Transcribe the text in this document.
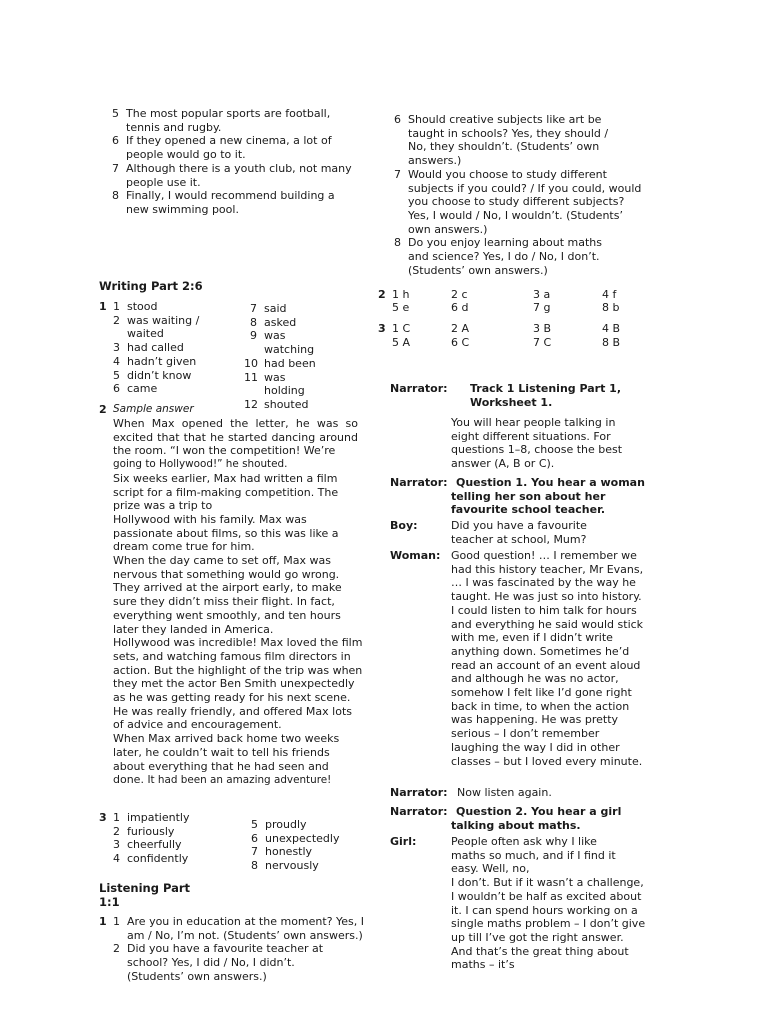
5 The most popular sports are football, tennis and rugby.
6 If they opened a new cinema, a lot of people would go to it.
7 Although there is a youth club, not many people use it.
8 Finally, I would recommend building a new swimming pool.
Writing Part 2:6
1 1 stood
2 was waiting / waited
3 had called
4 hadn’t given
5 didn’t know
6 came
7 said
8 asked
9 was watching
10 had been
11 was holding
12 shouted
2 Sample answer
When Max opened the letter, he was so excited that that he started dancing around the room. “I won the competition! We’re
going to Hollywood!” he shouted.
Six weeks earlier, Max had written a film script for a film-making competition. The prize was a trip to
Hollywood with his family. Max was passionate about films, so this was like a dream come true for him.
When the day came to set off, Max was nervous that something would go wrong. They arrived at the airport early, to make sure they didn’t miss their flight. In fact, everything went smoothly, and ten hours later they landed in America.
Hollywood was incredible! Max loved the film sets, and watching famous film directors in action. But the highlight of the trip was when they met the actor Ben Smith unexpectedly as he was getting ready for his next scene. He was really friendly, and offered Max lots of advice and encouragement.
When Max arrived back home two weeks later, he couldn’t wait to tell his friends about everything that he had seen and done. It had been an amazing adventure!
3 1 impatiently
2 furiously
3 cheerfully
4 confidently
5 proudly
6 unexpectedly
7 honestly
8 nervously
Listening Part 1:1
1 1 Are you in education at the moment? Yes, I am / No, I’m not. (Students’ own answers.)
2 Did you have a favourite teacher at school? Yes, I did / No, I didn’t. (Students’ own answers.)
6 Should creative subjects like art be taught in schools? Yes, they should / No, they shouldn’t. (Students’ own answers.)
7 Would you choose to study different subjects if you could? / If you could, would you choose to study different subjects? Yes, I would / No, I wouldn’t. (Students’ own answers.)
8 Do you enjoy learning about maths and science? Yes, I do / No, I don’t. (Students’ own answers.)
2 1 h	2 c	3 a	4 f
5 e	6 d	7 g	8 b
3 1 C	2 A	3 B	4 B
5 A	6 C	7 C	8 B
Narrator: Track 1 Listening Part 1, Worksheet 1.
You will hear people talking in eight different situations. For questions 1–8, choose the best answer (A, B or C).
Narrator: Question 1. You hear a woman telling her son about her favourite school teacher.
Boy:	Did you have a favourite teacher at school, Mum?
Woman: Good question! … I remember we had this history teacher, Mr Evans, … I was fascinated by the way he taught. He was just so into history. I could listen to him talk for hours and everything he said would stick with me, even if I didn’t write anything down. Sometimes he’d read an account of an event aloud and although he was no actor, somehow I felt like I’d gone right back in time, to when the action was happening. He was pretty serious – I don’t remember laughing the way I did in other classes – but I loved every minute.
Narrator: Now listen again.
Narrator: Question 2. You hear a girl talking about maths.
Girl:	People often ask why I like maths so much, and if I find it easy. Well, no,
I don’t. But if it wasn’t a challenge, I wouldn’t be half as excited about it. I can spend hours working on a single maths problem – I don’t give up till I’ve got the right answer. And that’s the great thing about maths – it’s
